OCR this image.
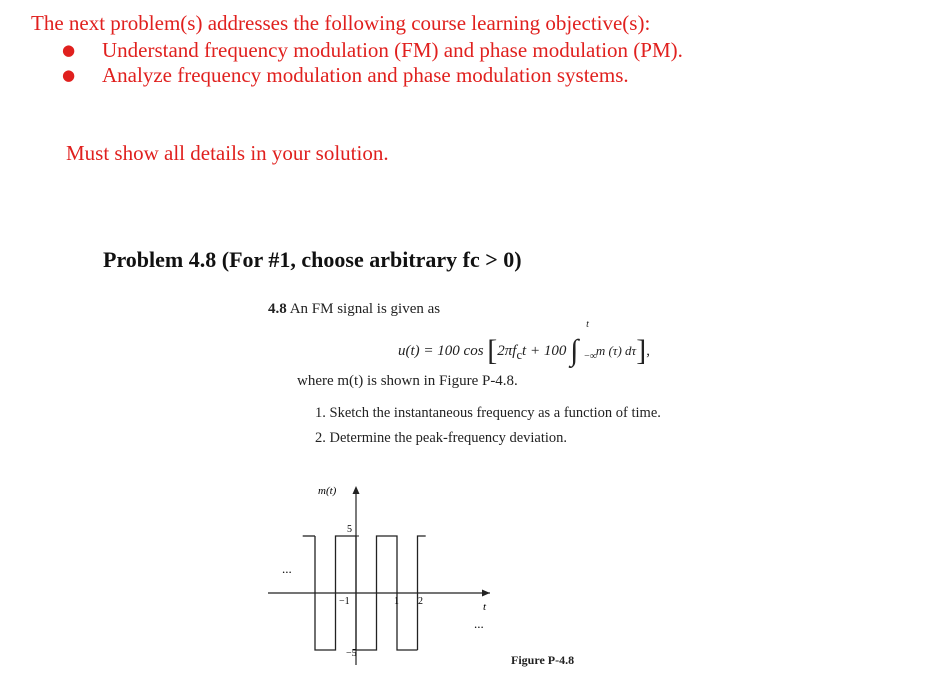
The next problem(s) addresses the following course learning objective(s):
● Understand frequency modulation (FM) and phase modulation (PM).
● Analyze frequency modulation and phase modulation systems.
Must show all details in your solution.
Problem 4.8 (For #1, choose arbitrary fc > 0)
4.8 An FM signal is given as
u(t) = 100 $\cos [2\pi f_ct + 100$ ∫
t
−∞
m (τ) dτ],
where m(t) is shown in Figure P-4.8.
1. Sketch the instantaneous frequency as a function of time.
2. Determine the peak-frequency deviation.
m(t)
t
...
...
5
−5
−1	1 2
Figure P-4.8
